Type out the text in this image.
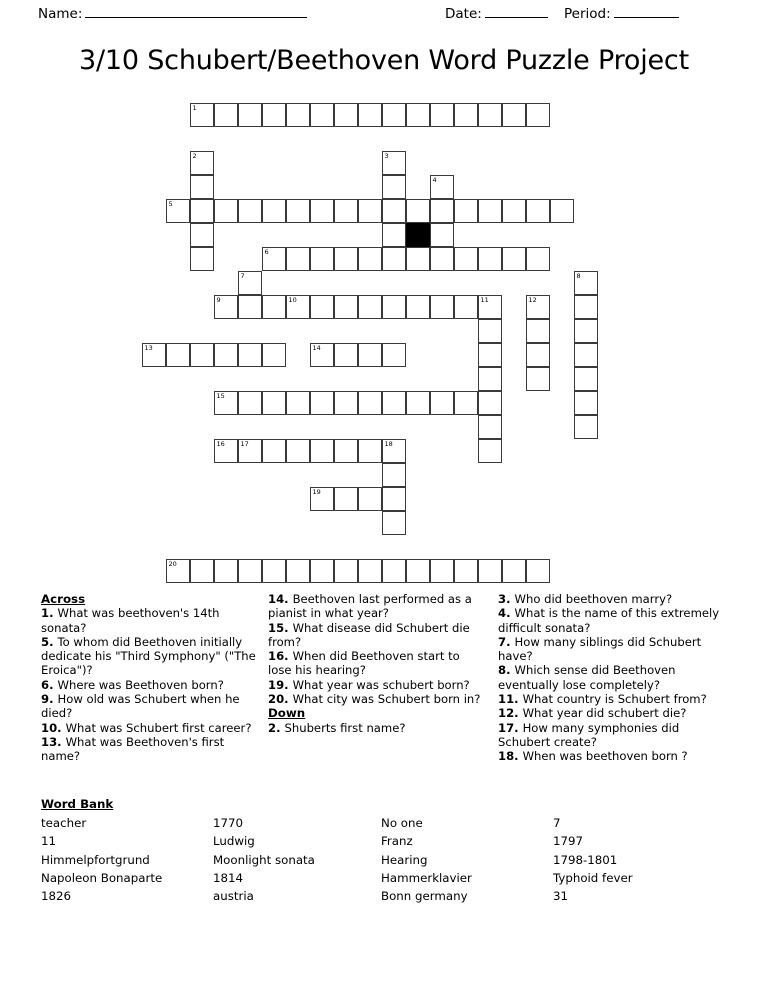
Name:	Date:	Period:
3/10 Schubert/Beethoven Word Puzzle Project
1
2	3
4
5
6
7	8
9	10	11	12
13	14
15
16 17	18
19
20
Across
1. What was beethoven's 14th sonata?
5. To whom did Beethoven initially dedicate his "Third Symphony" ("The Eroica")?
6. Where was Beethoven born?
9. How old was Schubert when he died?
10. What was Schubert first career?
13. What was Beethoven's first name?
14. Beethoven last performed as a pianist in what year?
15. What disease did Schubert die from?
16. When did Beethoven start to lose his hearing?
19. What year was schubert born?
20. What city was Schubert born in?
Down
2. Shuberts first name?
3. Who did beethoven marry?
4. What is the name of this extremely difficult sonata?
7. How many siblings did Schubert have?
8. Which sense did Beethoven eventually lose completely?
11. What country is Schubert from?
12. What year did schubert die?
17. How many symphonies did Schubert create?
18. When was beethoven born ?
Word Bank
teacher	1770	No one	7
11	Ludwig	Franz	1797
Himmelpfortgrund	Moonlight sonata	Hearing	1798-1801
Napoleon Bonaparte	1814	Hammerklavier	Typhoid fever
1826	austria	Bonn germany	31
